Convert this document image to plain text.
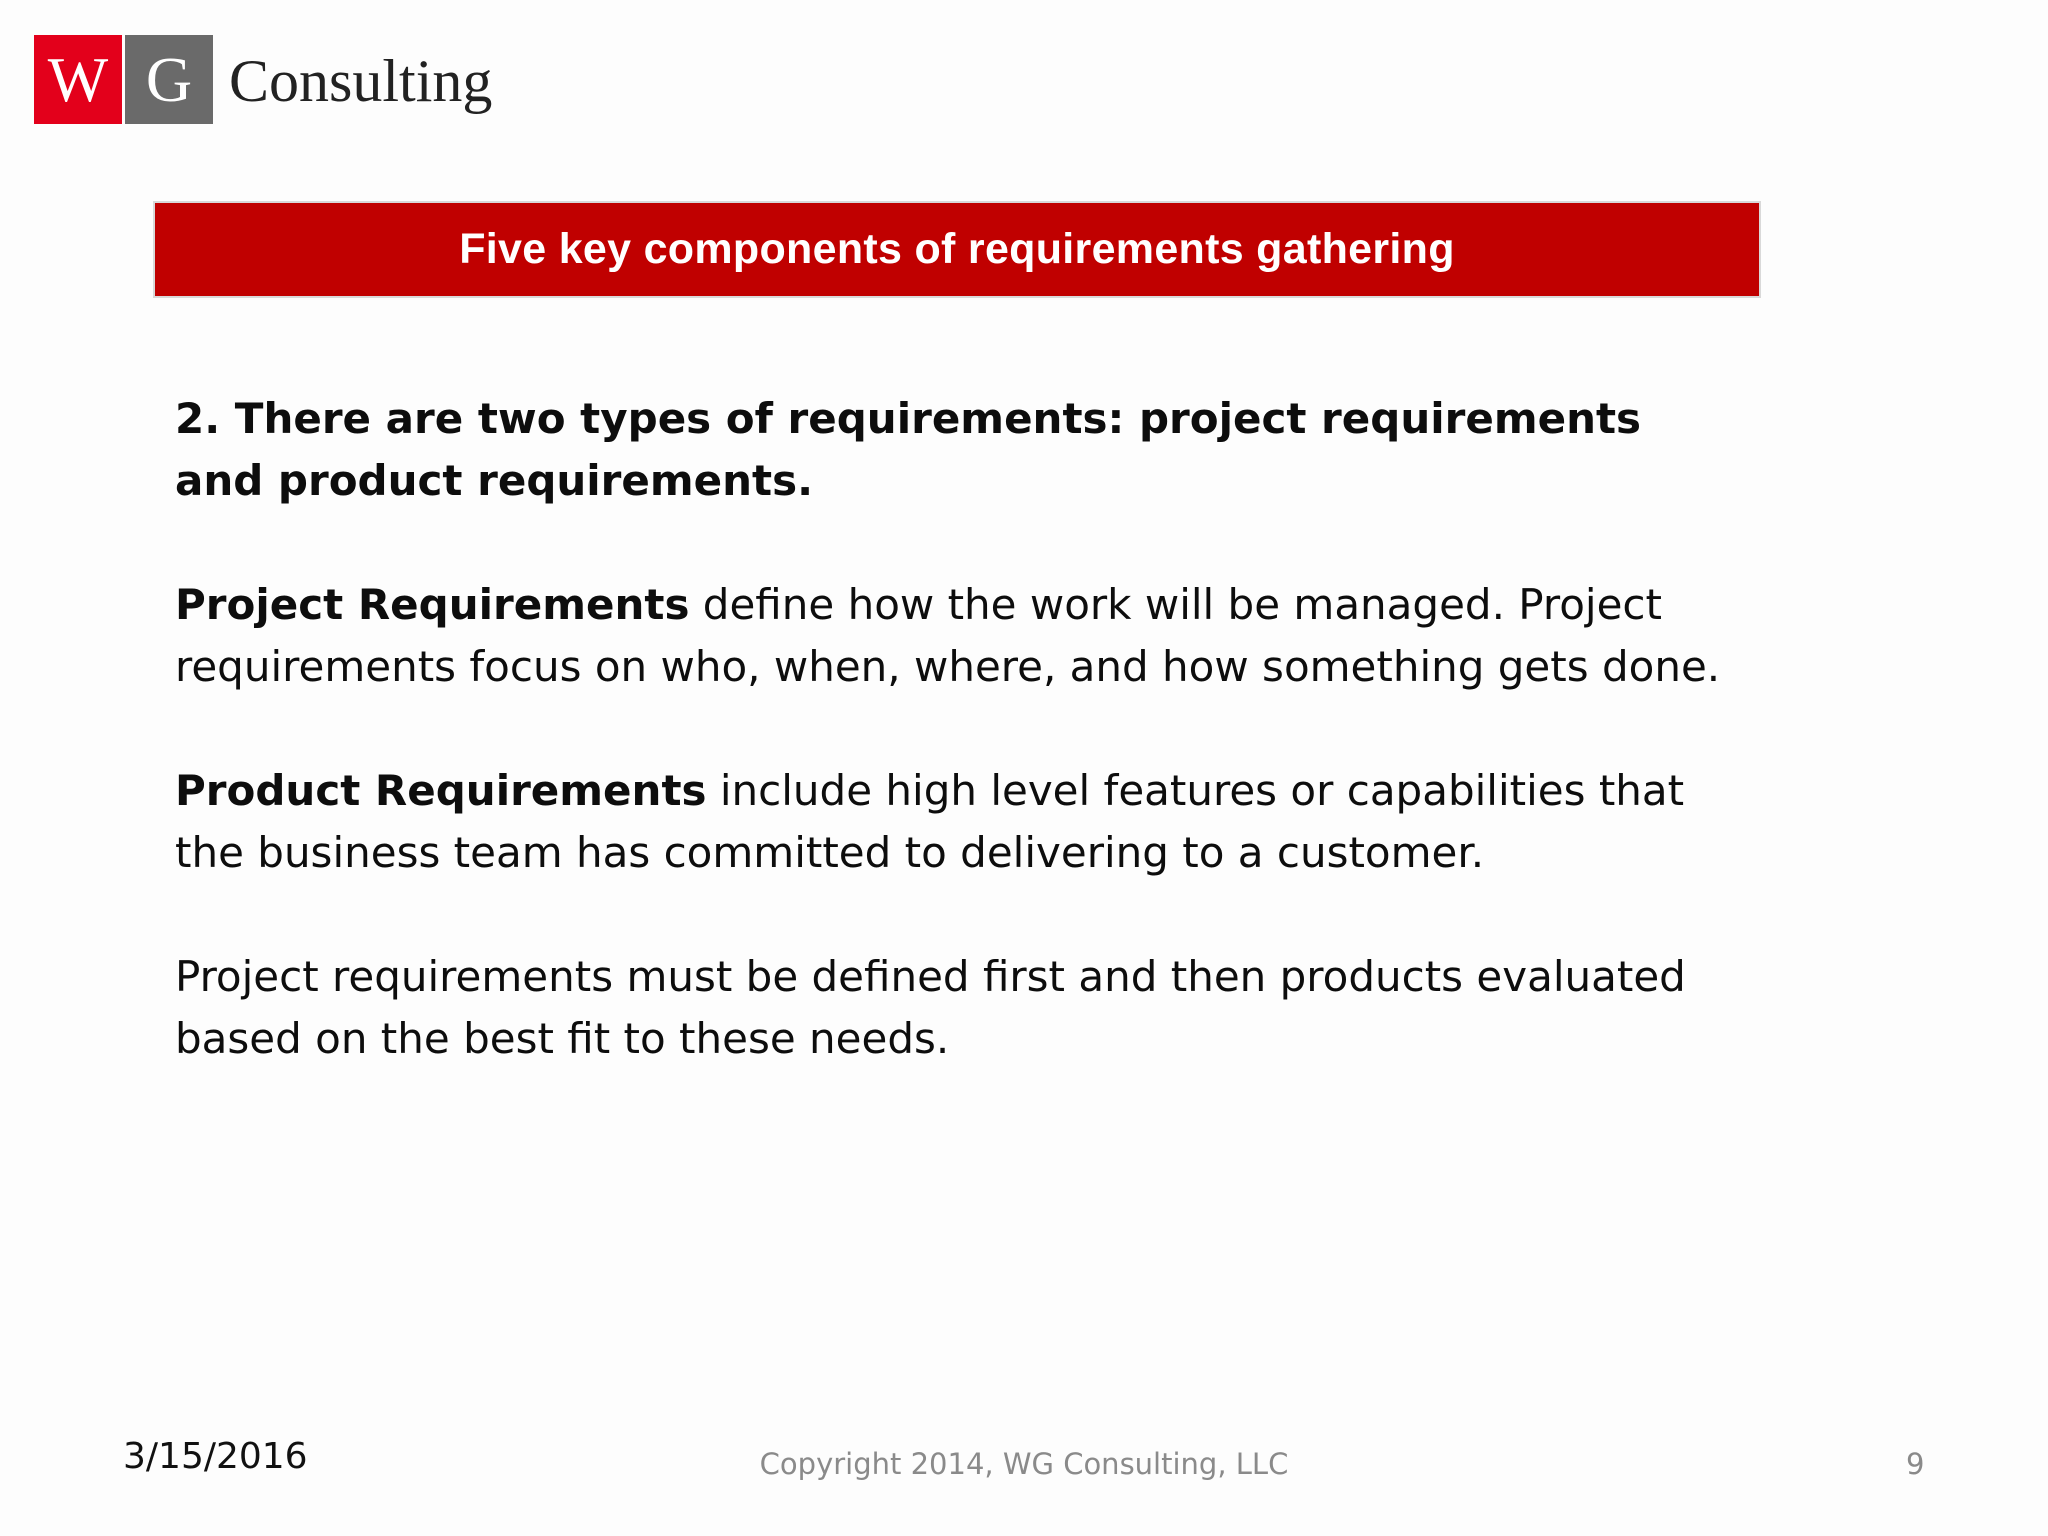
W G Consulting
Five key components of requirements gathering

2. There are two types of requirements: project requirements and product requirements.

Project Requirements define how the work will be managed. Project requirements focus on who, when, where, and how something gets done.

Product Requirements include high level features or capabilities that the business team has committed to delivering to a customer.

Project requirements must be defined first and then products evaluated based on the best fit to these needs.

3/15/2016	Copyright 2014, WG Consulting, LLC	9
